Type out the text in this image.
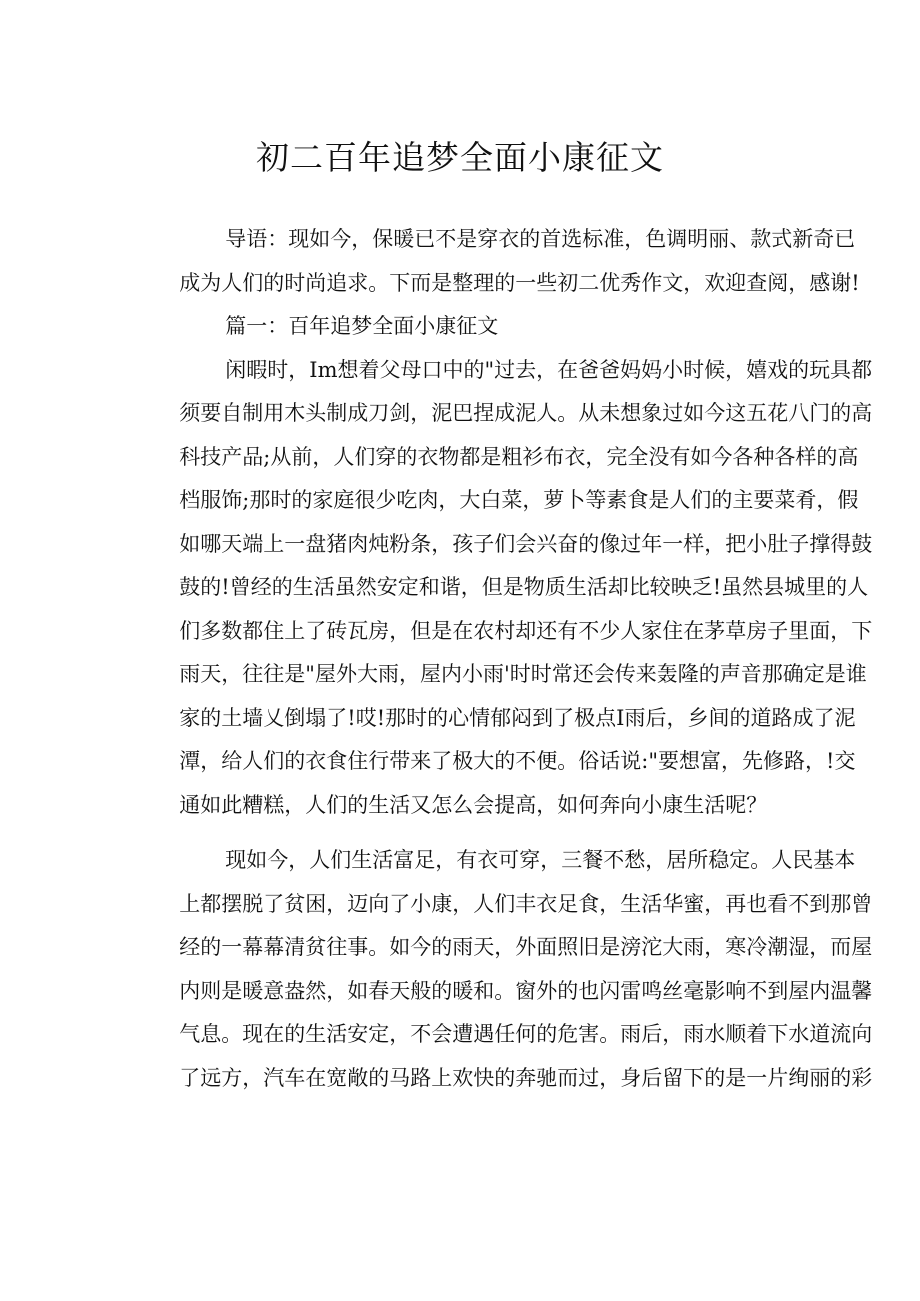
初二百年追梦全面小康征文

导语：现如今，保暖已不是穿衣的首选标准，色调明丽、款式新奇已
成为人们的时尚追求。下而是整理的一些初二优秀作文，欢迎查阅，感谢!

篇一：百年追梦全面小康征文

闲暇时，Im想着父母口中的"过去，在爸爸妈妈小时候，嬉戏的玩具都
须要自制用木头制成刀剑，泥巴捏成泥人。从未想象过如今这五花八门的高
科技产品;从前，人们穿的衣物都是粗衫布衣，完全没有如今各种各样的高
档服饰;那时的家庭很少吃肉，大白菜，萝卜等素食是人们的主要菜肴，假
如哪天端上一盘猪肉炖粉条，孩子们会兴奋的像过年一样，把小肚子撑得鼓
鼓的!曾经的生活虽然安定和谐，但是物质生活却比较映乏!虽然县城里的人
们多数都住上了砖瓦房，但是在农村却还有不少人家住在茅草房子里面，下
雨天，往往是"屋外大雨，屋内小雨'时时常还会传来轰隆的声音那确定是谁
家的土墙乂倒塌了!哎!那时的心情郁闷到了极点I雨后，乡间的道路成了泥
潭，给人们的衣食住行带来了极大的不便。俗话说:"要想富，先修路，!交
通如此糟糕，人们的生活又怎么会提高，如何奔向小康生活呢？

现如今，人们生活富足，有衣可穿，三餐不愁，居所稳定。人民基本
上都摆脱了贫困，迈向了小康，人们丰衣足食，生活华蜜，再也看不到那曾
经的一幕幕清贫往事。如今的雨天，外面照旧是滂沱大雨，寒冷潮湿，而屋
内则是暖意盎然，如春天般的暖和。窗外的也闪雷鸣丝毫影响不到屋内温馨
气息。现在的生活安定，不会遭遇任何的危害。雨后，雨水顺着下水道流向
了远方，汽车在宽敞的马路上欢快的奔驰而过，身后留下的是一片绚丽的彩
